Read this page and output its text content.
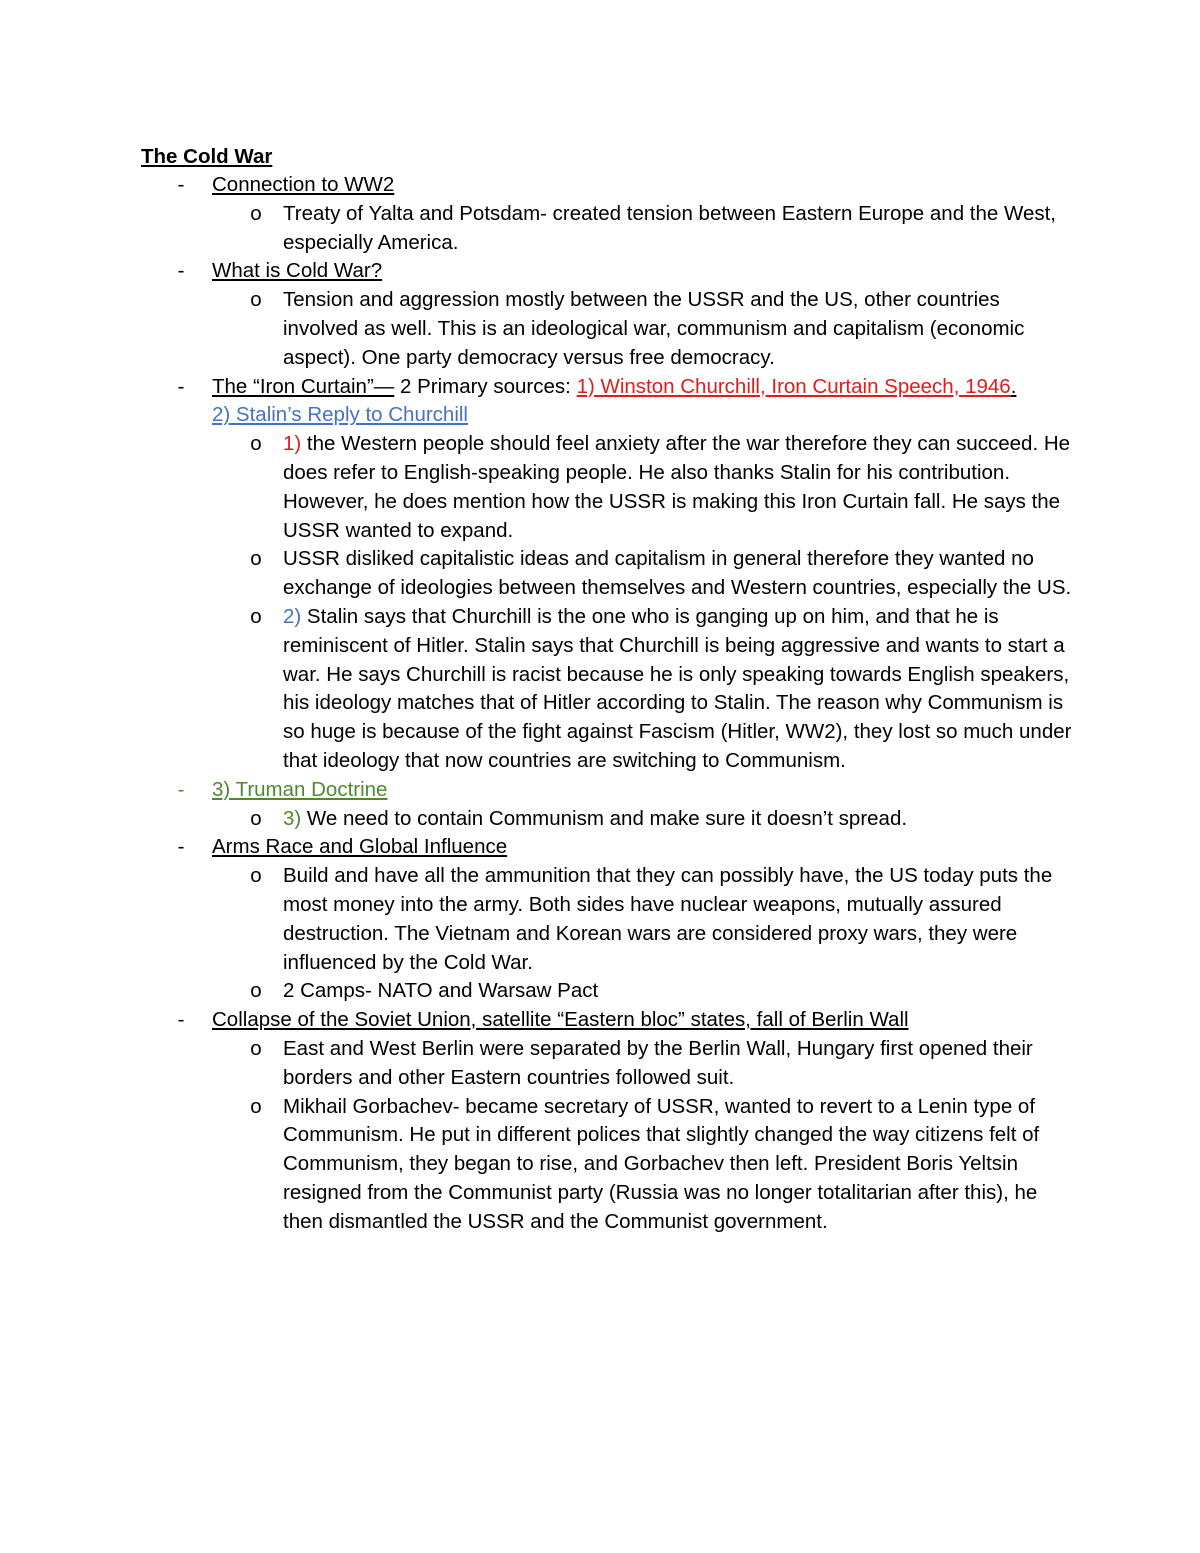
The Cold War
- Connection to WW2
o Treaty of Yalta and Potsdam- created tension between Eastern Europe and the West, especially America.
- What is Cold War?
o Tension and aggression mostly between the USSR and the US, other countries involved as well. This is an ideological war, communism and capitalism (economic aspect). One party democracy versus free democracy.
- The “Iron Curtain”— 2 Primary sources: 1) Winston Churchill, Iron Curtain Speech, 1946.
2) Stalin’s Reply to Churchill
o 1) the Western people should feel anxiety after the war therefore they can succeed. He does refer to English-speaking people. He also thanks Stalin for his contribution. However, he does mention how the USSR is making this Iron Curtain fall. He says the USSR wanted to expand.
o USSR disliked capitalistic ideas and capitalism in general therefore they wanted no exchange of ideologies between themselves and Western countries, especially the US.
o 2) Stalin says that Churchill is the one who is ganging up on him, and that he is reminiscent of Hitler. Stalin says that Churchill is being aggressive and wants to start a war. He says Churchill is racist because he is only speaking towards English speakers, his ideology matches that of Hitler according to Stalin. The reason why Communism is so huge is because of the fight against Fascism (Hitler, WW2), they lost so much under that ideology that now countries are switching to Communism.
- 3) Truman Doctrine
o 3) We need to contain Communism and make sure it doesn’t spread.
- Arms Race and Global Influence
o Build and have all the ammunition that they can possibly have, the US today puts the most money into the army. Both sides have nuclear weapons, mutually assured destruction. The Vietnam and Korean wars are considered proxy wars, they were influenced by the Cold War.
o 2 Camps- NATO and Warsaw Pact
- Collapse of the Soviet Union, satellite “Eastern bloc” states, fall of Berlin Wall
o East and West Berlin were separated by the Berlin Wall, Hungary first opened their borders and other Eastern countries followed suit.
o Mikhail Gorbachev- became secretary of USSR, wanted to revert to a Lenin type of Communism. He put in different polices that slightly changed the way citizens felt of Communism, they began to rise, and Gorbachev then left. President Boris Yeltsin resigned from the Communist party (Russia was no longer totalitarian after this), he then dismantled the USSR and the Communist government.
